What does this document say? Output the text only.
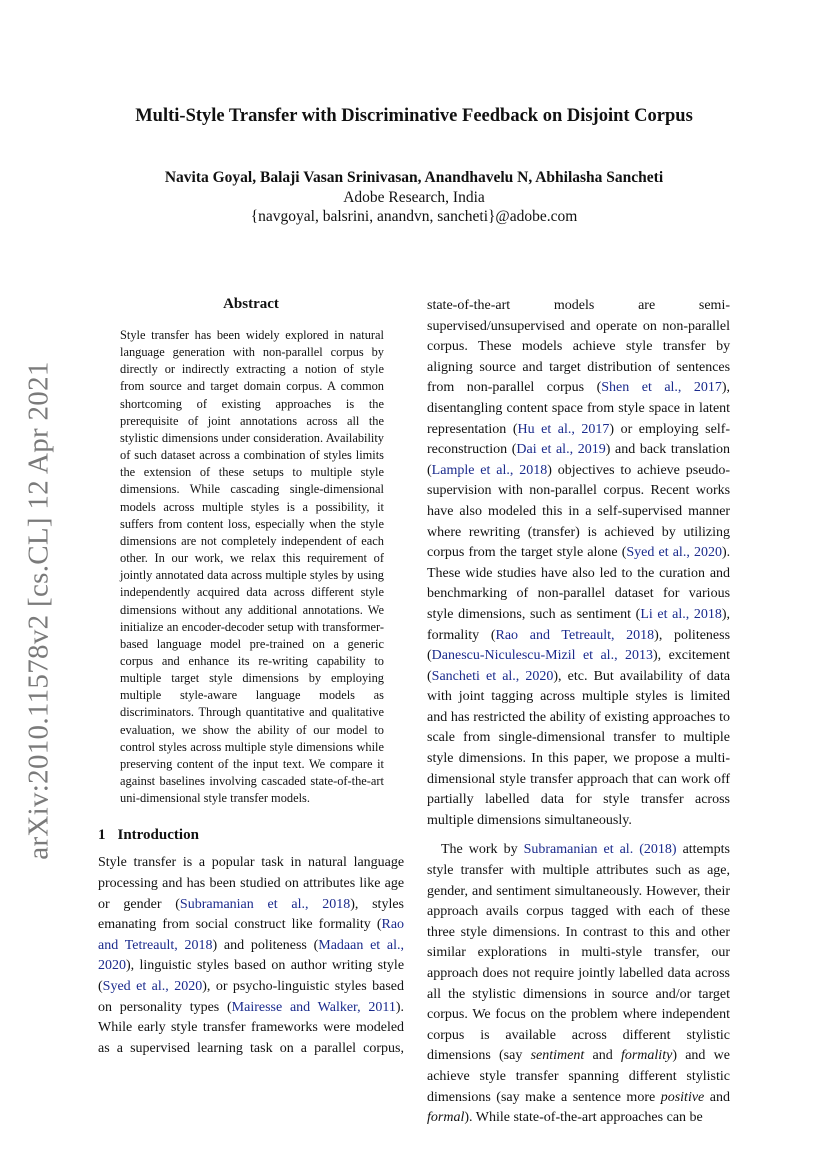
arXiv:2010.11578v2 [cs.CL] 12 Apr 2021
Multi-Style Transfer with Discriminative Feedback on Disjoint Corpus
Navita Goyal, Balaji Vasan Srinivasan, Anandhavelu N, Abhilasha Sancheti
Adobe Research, India
{navgoyal, balsrini, anandvn, sancheti}@adobe.com
Abstract

Style transfer has been widely explored in natural language generation with non-parallel corpus by directly or indirectly extracting a notion of style from source and target domain corpus. A common shortcoming of existing approaches is the prerequisite of joint annotations across all the stylistic dimensions under consideration. Availability of such dataset across a combination of styles limits the extension of these setups to multiple style dimensions. While cascading single-dimensional models across multiple styles is a possibility, it suffers from content loss, especially when the style dimensions are not completely independent of each other. In our work, we relax this requirement of jointly annotated data across multiple styles by using independently acquired data across different style dimensions without any additional annotations. We initialize an encoder-decoder setup with transformer-based language model pre-trained on a generic corpus and enhance its re-writing capability to multiple target style dimensions by employing multiple style-aware language models as discriminators. Through quantitative and qualitative evaluation, we show the ability of our model to control styles across multiple style dimensions while preserving content of the input text. We compare it against baselines involving cascaded state-of-the-art uni-dimensional style transfer models.

1 Introduction

Style transfer is a popular task in natural language processing and has been studied on attributes like age or gender (Subramanian et al., 2018), styles emanating from social construct like formality (Rao and Tetreault, 2018) and politeness (Madaan et al., 2020), linguistic styles based on author writing style (Syed et al., 2020), or psycho-linguistic styles based on personality types (Mairesse and Walker, 2011). While early style transfer frameworks were modeled as a supervised learning task on a parallel corpus,

state-of-the-art	models	are	semi-supervised/unsupervised and operate on non-parallel corpus. These models achieve style transfer by aligning source and target distribution of sentences from non-parallel corpus (Shen et al., 2017), disentangling content space from style space in latent representation (Hu et al., 2017) or employing self-reconstruction (Dai et al., 2019) and back translation (Lample et al., 2018) objectives to achieve pseudo-supervision with non-parallel corpus. Recent works have also modeled this in a self-supervised manner where rewriting (transfer) is achieved by utilizing corpus from the target style alone (Syed et al., 2020). These wide studies have also led to the curation and benchmarking of non-parallel dataset for various style dimensions, such as sentiment (Li et al., 2018), formality (Rao and Tetreault, 2018), politeness (Danescu-Niculescu-Mizil et al., 2013), excitement (Sancheti et al., 2020), etc. But availability of data with joint tagging across multiple styles is limited and has restricted the ability of existing approaches to scale from single-dimensional transfer to multiple style dimensions. In this paper, we propose a multi-dimensional style transfer approach that can work off partially labelled data for style transfer across multiple dimensions simultaneously.

The work by Subramanian et al. (2018) attempts style transfer with multiple attributes such as age, gender, and sentiment simultaneously. However, their approach avails corpus tagged with each of these three style dimensions. In contrast to this and other similar explorations in multi-style transfer, our approach does not require jointly labelled data across all the stylistic dimensions in source and/or target corpus. We focus on the problem where independent corpus is available across different stylistic dimensions (say sentiment and formality) and we achieve style transfer spanning different stylistic dimensions (say make a sentence more positive and formal). While state-of-the-art approaches can be
